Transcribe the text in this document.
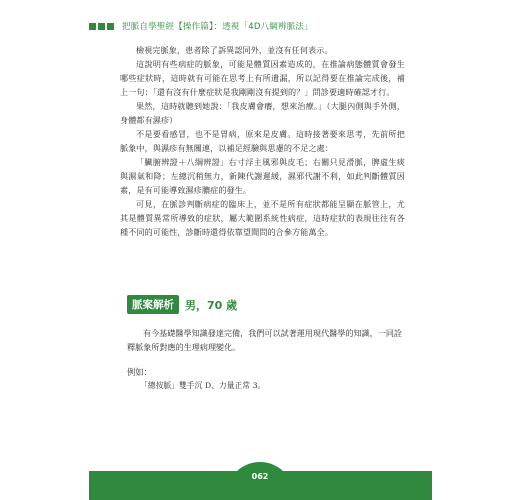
把脈自學聖經【操作篇】：透視「4D八綱辨脈法」

檢視完脈象，患者除了訴異認同外，並沒有任何表示。

這說明有些病症的脈象，可能是體質因素造成的，在推論病態體質會發生哪些症狀時，這時就有可能在思考上有所遺漏，所以記得要在推論完成後，補上一句：「還有沒有什麼症狀是我剛剛沒有提到的？」問診要適時確認才行。

果然，這時就聽到她說：「我皮膚會癢，想來治療。」（大腿內側與手外側，身體都有濕疹）

不是要看感冒，也不是胃病，原來是皮膚。這時接著要來思考，先前所把脈象中，與濕疹有無關連，以補足經驗與思慮的不足之處：

「臟腑辨證＋八綱辨證」右寸浮主風邪與皮毛；右關只見滑脈，脾虛生痰與濕氣和降；左總沉稍無力，新陳代謝遲緩，濕邪代謝不利，如此判斷體質因素，是有可能導致濕疹膿症的發生。

可見，在脈診判斷病症的臨床上，並不是所有症狀都能呈顯在脈管上，尤其是體質異常所導致的症狀，屬大範圍系統性病症，這時症狀的表現往往有各種不同的可能性，診斷時還得依靠望聞問的合參方能萬全。

脈案解析	男，70 歲

有今基礎醫學知識發達完備，我們可以試著運用現代醫學的知識，一同詮釋脈象所對應的生理病理變化。

例如：
「總按脈」雙手沉 D、力量正常 3。
062
